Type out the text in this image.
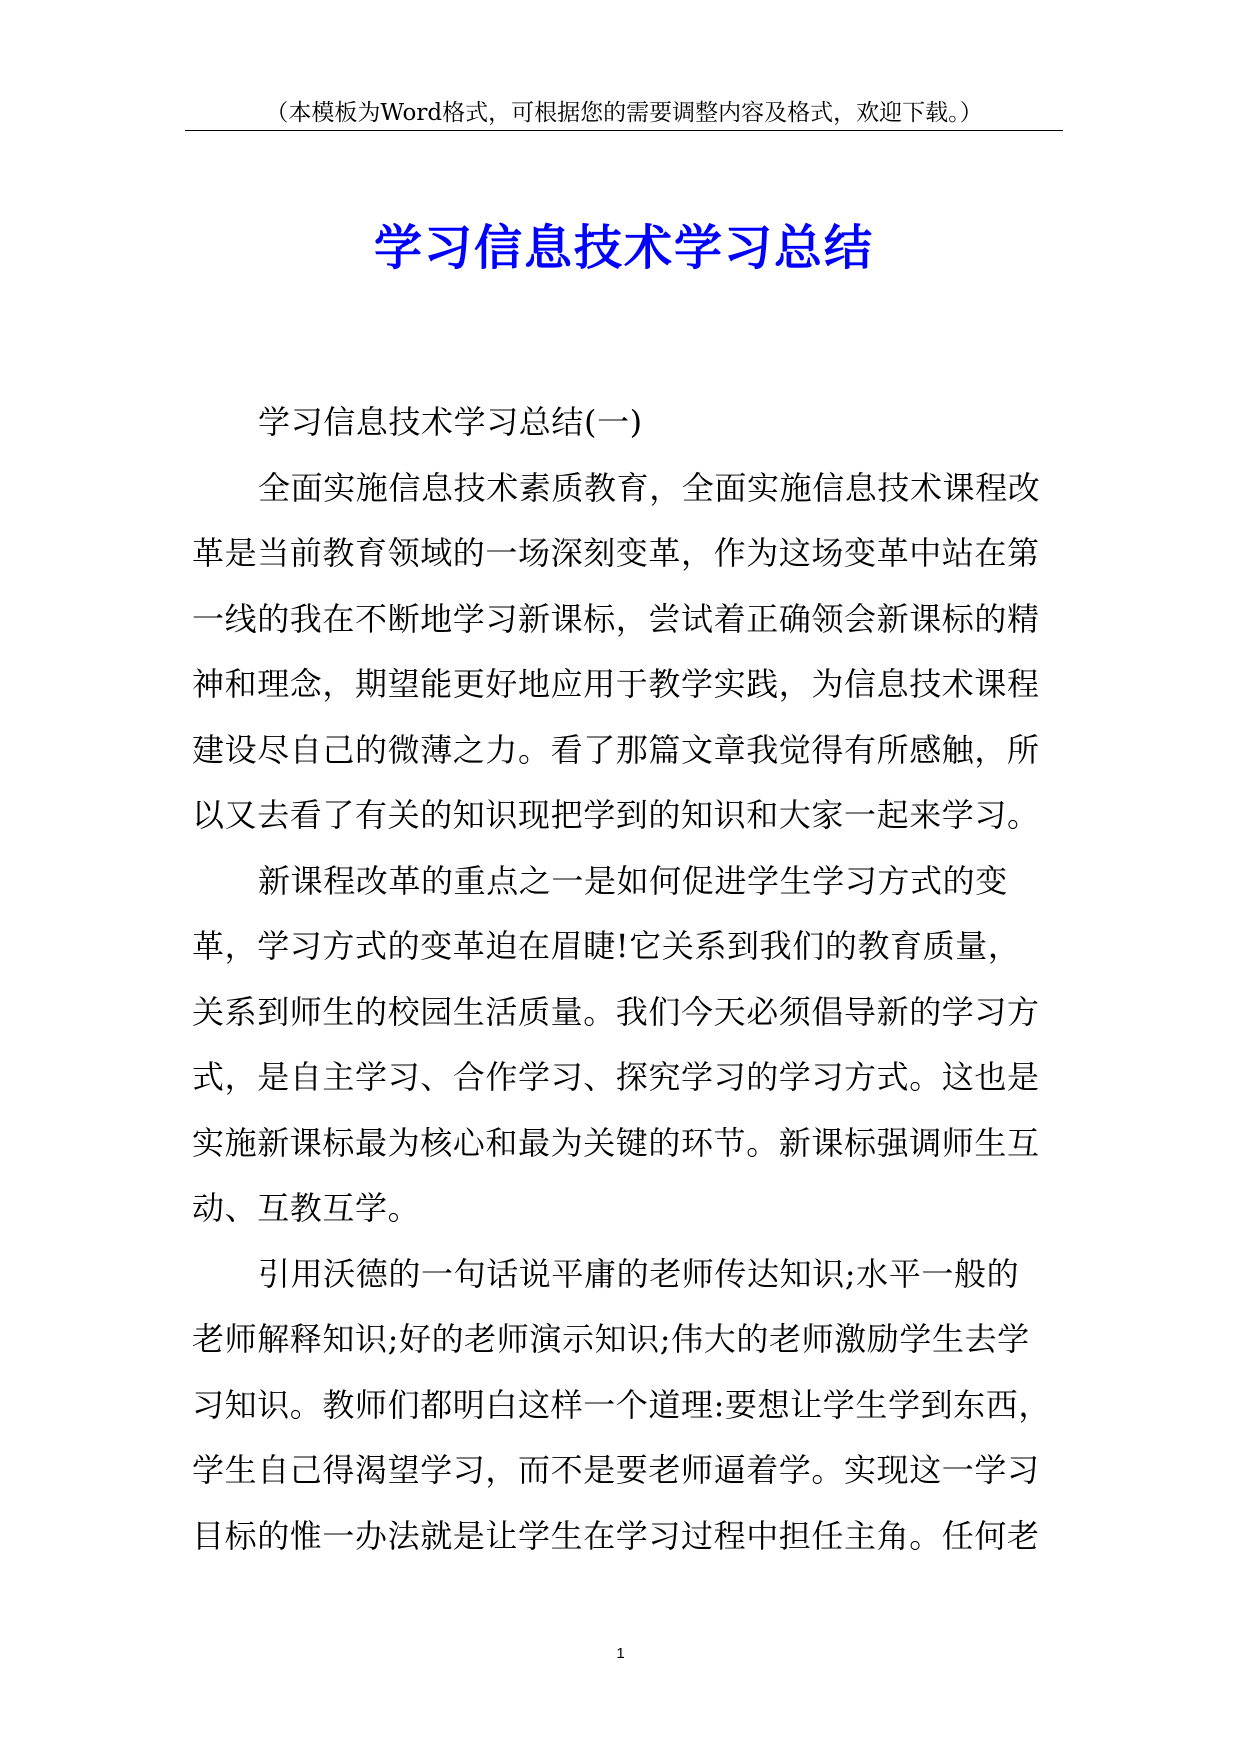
（本模板为Word格式，可根据您的需要调整内容及格式，欢迎下载。）
学习信息技术学习总结
学习信息技术学习总结(一)
全面实施信息技术素质教育，全面实施信息技术课程改
革是当前教育领域的一场深刻变革，作为这场变革中站在第
一线的我在不断地学习新课标，尝试着正确领会新课标的精
神和理念，期望能更好地应用于教学实践，为信息技术课程
建设尽自己的微薄之力。看了那篇文章我觉得有所感触，所
以又去看了有关的知识现把学到的知识和大家一起来学习。
新课程改革的重点之一是如何促进学生学习方式的变
革，学习方式的变革迫在眉睫!它关系到我们的教育质量，
关系到师生的校园生活质量。我们今天必须倡导新的学习方
式，是自主学习、合作学习、探究学习的学习方式。这也是
实施新课标最为核心和最为关键的环节。新课标强调师生互
动、互教互学。
引用沃德的一句话说平庸的老师传达知识;水平一般的
老师解释知识;好的老师演示知识;伟大的老师激励学生去学
习知识。教师们都明白这样一个道理:要想让学生学到东西，
学生自己得渴望学习，而不是要老师逼着学。实现这一学习
目标的惟一办法就是让学生在学习过程中担任主角。任何老
1
